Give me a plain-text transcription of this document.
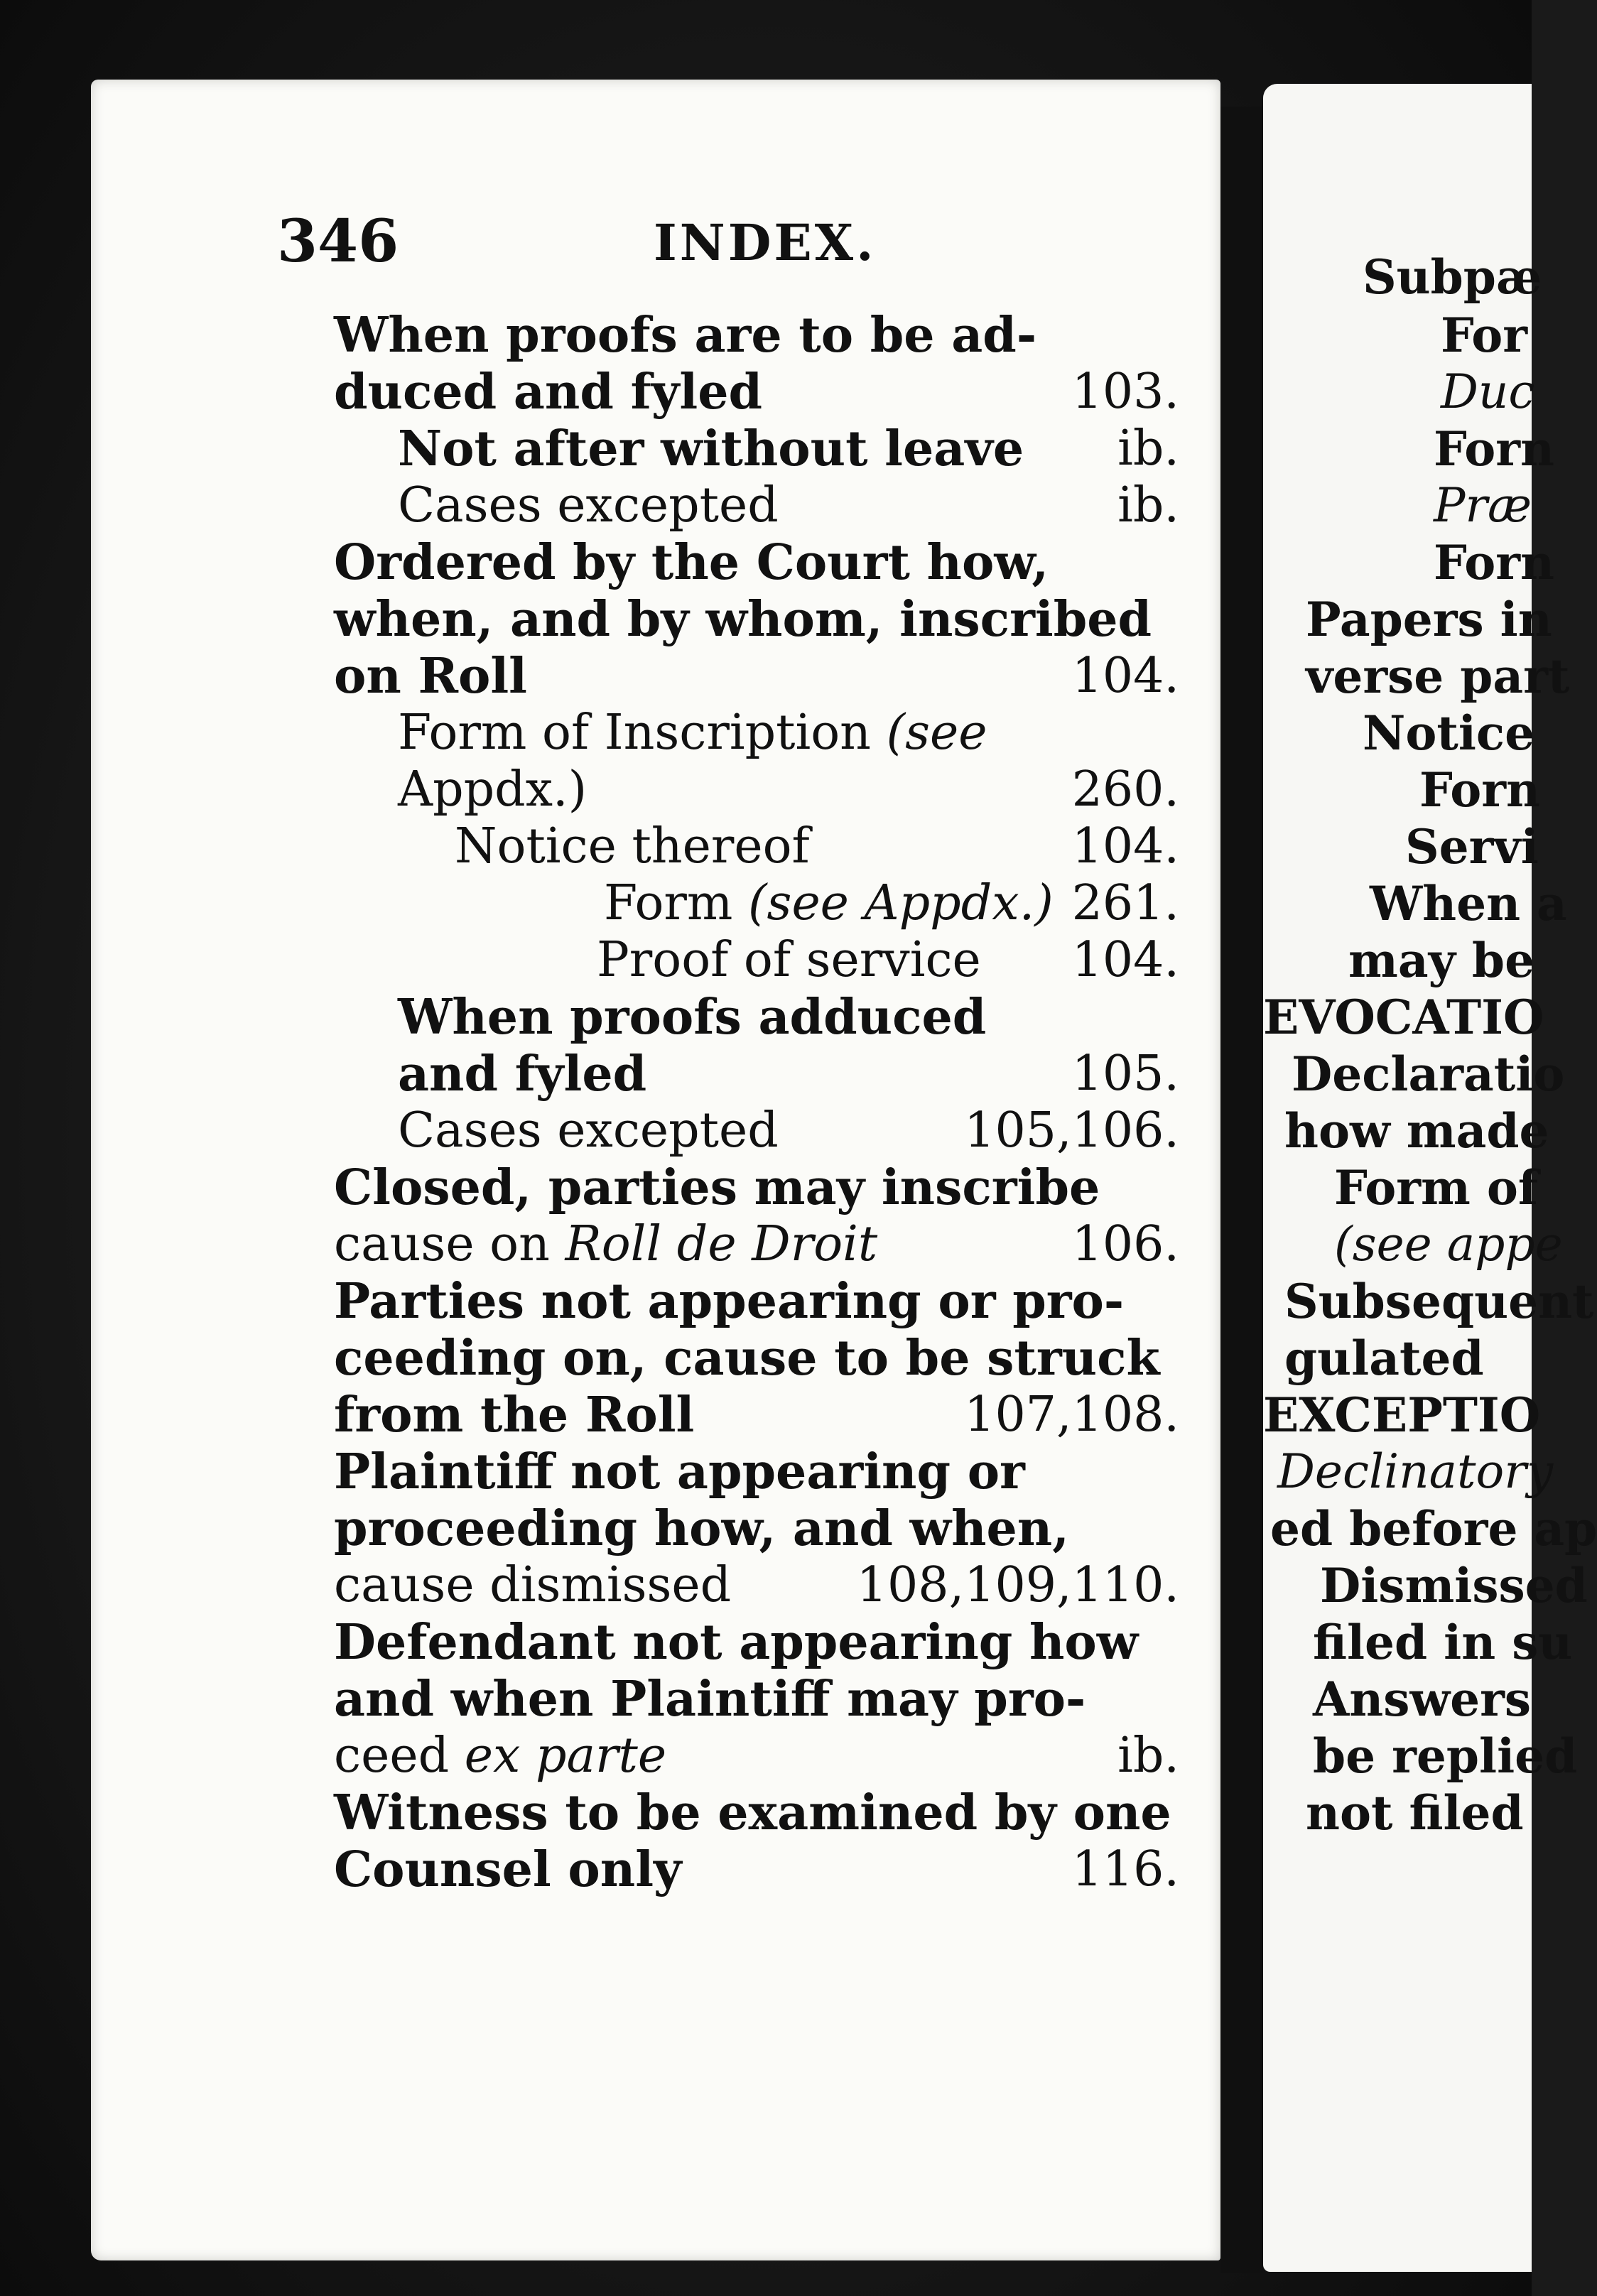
Subpæ
For
Duc
Forn
Præ
Forn
Papers in
verse part
Notice
Forn
Servi
When a
may be
EVOCATIO
Declaratio
how made
Form of
(see appe
Subsequent
gulated
EXCEPTIO
Declinatory
ed before ap
Dismissed
filed in su
Answers
be replied
not filed
346	INDEX.
When proofs are to be ad-
duced and fyled	103.
Not after without leave ib.
Cases excepted	ib.
Ordered by the Court how,
when, and by whom, inscribed
on Roll	104.
Form of Inscription (see
Appdx.)	260.
Notice thereof	104.
Form (see Appdx.) 261.
Proof of service 104.
When proofs adduced
and fyled	105.
Cases excepted	105,106.
Closed, parties may inscribe
cause on Roll de Droit	106.
Parties not appearing or pro-
ceeding on, cause to be struck
from the Roll	107,108.
Plaintiff not appearing or
proceeding how, and when,
cause dismissed	108,109,110.
Defendant not appearing how
and when Plaintiff may pro-
ceed ex parte	ib.
Witness to be examined by one
Counsel only	116.
